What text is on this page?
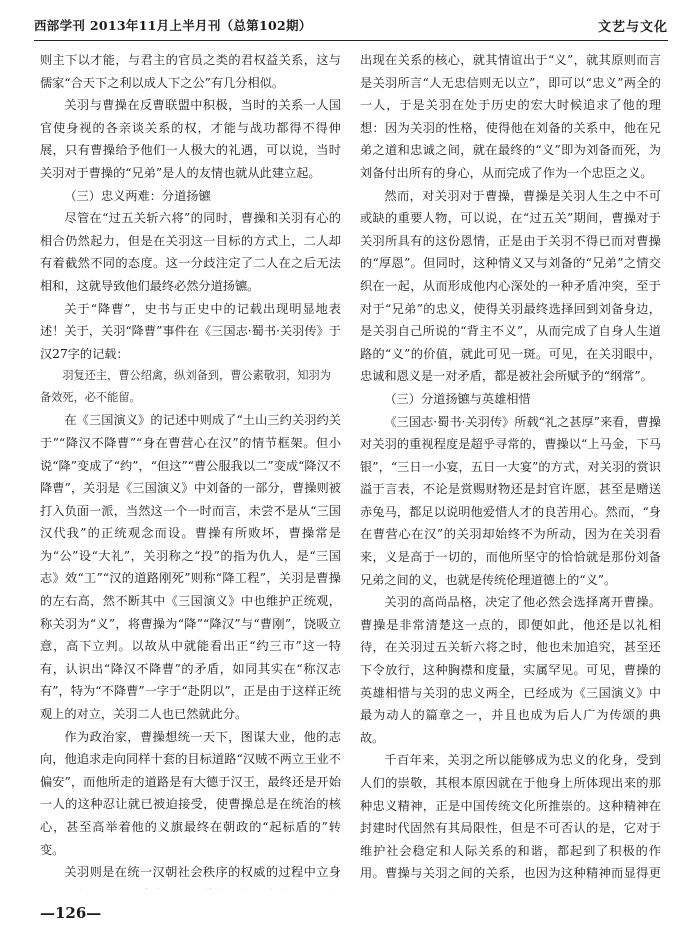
西部学刊 2013年11月上半月刊（总第102期）	文艺与文化

则主下以才能，与君主的官员之类的君权益关系，这与儒家“合天下之利以成人下之公”有几分相似。

关羽与曹操在反曹联盟中积极，当时的关系一人国官使身视的各亲谈关系的权，才能与战功都得不得伸展，只有曹操给予他们一人极大的礼遇，可以说，当时关羽对于曹操的“兄弟”是人的友情也就从此建立起。

（三）忠义两难：分道扬镳

尽管在“过五关斩六将”的同时，曹操和关羽有心的相合仍然起力，但是在关羽这一目标的方式上，二人却有着截然不同的态度。这一分歧注定了二人在之后无法相和，这就导致他们最终必然分道扬镳。

关于“降曹”，史书与正史中的记载出现明显地表述！关于，关羽“降曹”事件在《三国志·蜀书·关羽传》于汉27字的记载：

羽复还主，曹公绍禽，纵刘备到，曹公素敬羽，知羽为备效死，必不能留。

在《三国演义》的记述中则成了“土山三约关羽约关于”“降汉不降曹”“身在曹营心在汉”的情节框架。但小说“降”变成了“约”，“但这”“曹公服我以二”变成“降汉不降曹”，关羽是《三国演义》中刘备的一部分，曹操则被打入负面一派，当然这一个一时而言，未尝不是从“三国汉代我”的正统观念而设。曹操有所败坏，曹操常是为“公”设“大礼”，关羽称之“投”的指为仇人，是“三国志》效“工”“汉的道路刚死”则称“降工程”，关羽是曹操的左右高，然不断其中《三国演义》中也维护正统观，称关羽为“义”，将曹操为“降”“降汉”与“曹刚”，饶吸立意，高下立判。以故从中就能看出正“约三市”这一特有，认识出“降汉不降曹”的矛盾，如同其实在“称汉志有”，特为“不降曹”一字于“赴阴以”，正是由于这样正统观上的对立，关羽二人也已然就此分。

作为政治家，曹操想统一天下，图谋大业，他的志向，他追求走向同样十套的目标道路“汉贼不两立王业不偏安”，而他所走的道路是有大德于汉王，最终还是开始一人的这种忍让就已被迫接受，使曹操总是在统治的核心，甚至高举着他的义旗最终在朝政的“起标盾的”转变。

关羽则是在统一汉朝社会秩序的权威的过程中立身

出现在关系的核心，就其情谊出于“义”，就其原则而言是关羽所言“人无忠信则无以立”，即可以“忠义”两全的一人，于是关羽在处于历史的宏大时候追求了他的理想：因为关羽的性格，使得他在刘备的关系中，他在兄弟之道和忠诚之间，就在最终的“义”即为刘备而死，为刘备付出所有的身心，从而完成了作为一个忠臣之义。

然而，对关羽对于曹操，曹操是关羽人生之中不可或缺的重要人物，可以说，在“过五关”期间，曹操对于关羽所具有的这份恩情，正是由于关羽不得已而对曹操的“厚恩”。但同时，这种情义又与刘备的“兄弟”之情交织在一起，从而形成他内心深处的一种矛盾冲突，至于对于“兄弟”的忠义，使得关羽最终选择回到刘备身边，是关羽自己所说的“背主不义”，从而完成了自身人生道路的“义”的价值，就此可见一斑。可见，在关羽眼中，忠诚和恩义是一对矛盾，都是被社会所赋予的“纲常”。

（三）分道扬镳与英雄相惜

《三国志·蜀书·关羽传》所载“礼之甚厚”来看，曹操对关羽的重视程度是超乎寻常的，曹操以“上马金，下马银”，“三日一小宴，五日一大宴”的方式，对关羽的赏识溢于言表，不论是赏赐财物还是封官许愿，甚至是赠送赤兔马，都足以说明他爱惜人才的良苦用心。然而，“身在曹营心在汉”的关羽却始终不为所动，因为在关羽看来，义是高于一切的，而他所坚守的恰恰就是那份刘备兄弟之间的义，也就是传统伦理道德上的“义”。

关羽的高尚品格，决定了他必然会选择离开曹操。曹操是非常清楚这一点的，即便如此，他还是以礼相待，在关羽过五关斩六将之时，他也未加追究，甚至还下令放行，这种胸襟和度量，实属罕见。可见，曹操的英雄相惜与关羽的忠义两全，已经成为《三国演义》中最为动人的篇章之一，并且也成为后人广为传颂的典故。

千百年来，关羽之所以能够成为忠义的化身，受到人们的崇敬，其根本原因就在于他身上所体现出来的那种忠义精神，正是中国传统文化所推崇的。这种精神在封建时代固然有其局限性，但是不可否认的是，它对于维护社会稳定和人际关系的和谐，都起到了积极的作用。曹操与关羽之间的关系，也因为这种精神而显得更

—126—
